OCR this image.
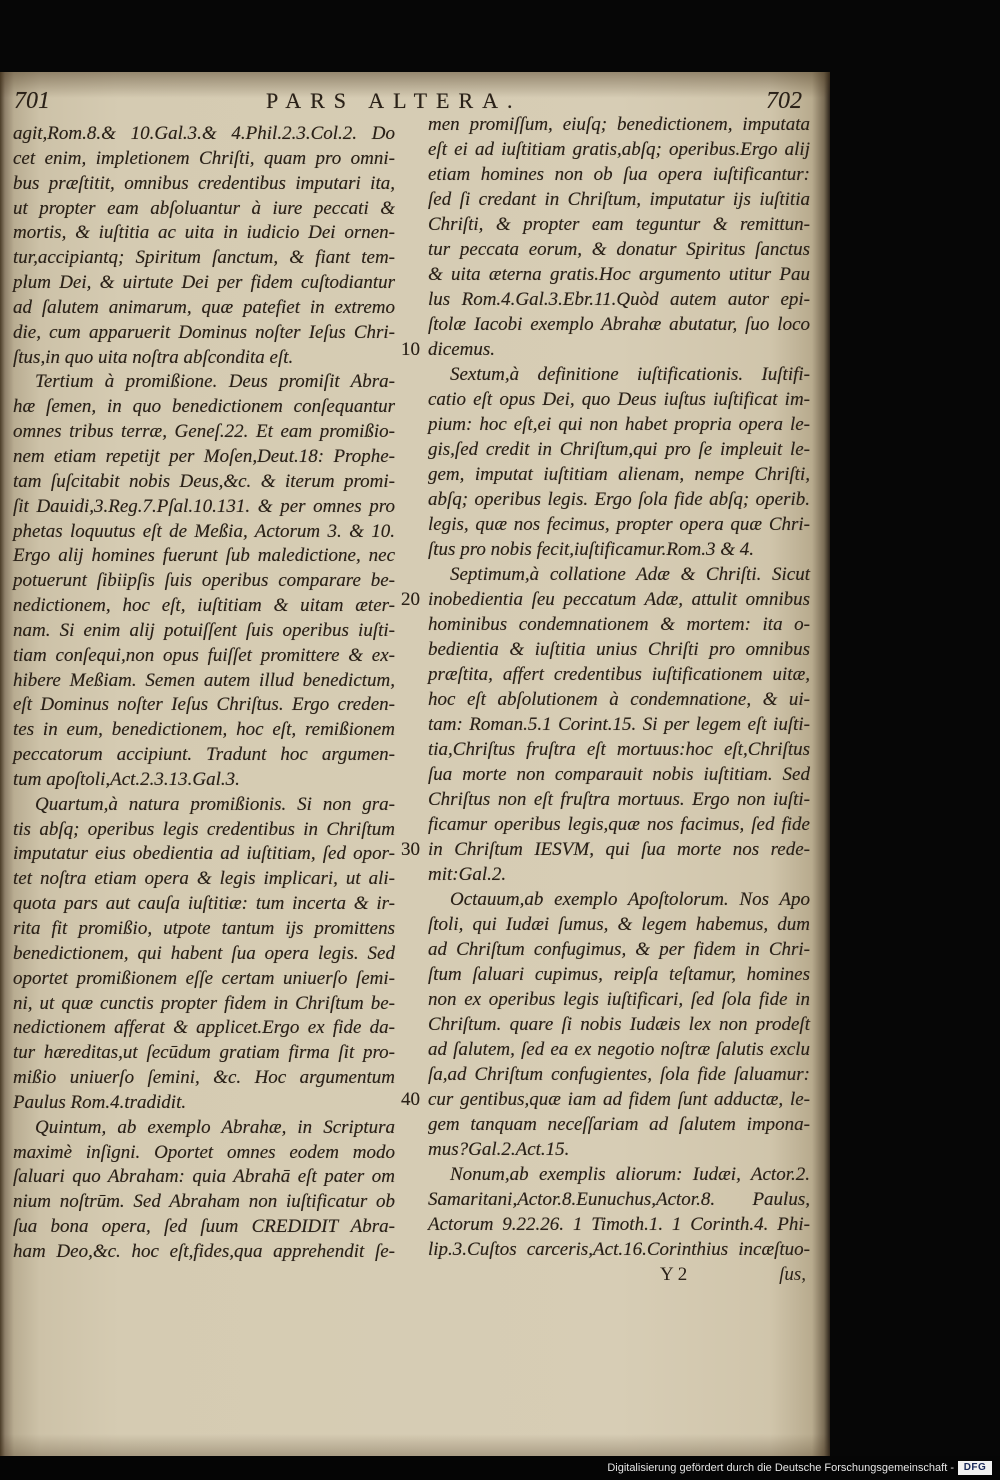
701	PARS ALTERA.	702
agit,Rom.8.& 10.Gal.3.& 4.Phil.2.3.Col.2. Do
cet enim, impletionem Chriſti, quam pro omni-
bus præſtitit, omnibus credentibus imputari ita,
ut propter eam abſoluantur à iure peccati &
mortis, & iuſtitia ac uita in iudicio Dei ornen-
tur,accipiantq; Spiritum ſanctum, & fiant tem-
plum Dei, & uirtute Dei per fidem cuſtodiantur
ad ſalutem animarum, quæ patefiet in extremo
die, cum apparuerit Dominus noſter Ieſus Chri-
ſtus,in quo uita noſtra abſcondita eſt.
Tertium à promißione. Deus promiſit Abra-
hæ ſemen, in quo benedictionem conſequantur
omnes tribus terræ, Geneſ.22. Et eam promißio-
nem etiam repetijt per Moſen,Deut.18: Prophe-
tam ſuſcitabit nobis Deus,&c. & iterum promi-
ſit Dauidi,3.Reg.7.Pſal.10.131. & per omnes pro
phetas loquutus eſt de Meßia, Actorum 3. & 10.
Ergo alij homines fuerunt ſub maledictione, nec
potuerunt ſibiipſis ſuis operibus comparare be-
nedictionem, hoc eſt, iuſtitiam & uitam æter-
nam. Si enim alij potuiſſent ſuis operibus iuſti-
tiam conſequi,non opus fuiſſet promittere & ex-
hibere Meßiam. Semen autem illud benedictum,
eſt Dominus noſter Ieſus Chriſtus. Ergo creden-
tes in eum, benedictionem, hoc eſt, remißionem
peccatorum accipiunt. Tradunt hoc argumen-
tum apoſtoli,Act.2.3.13.Gal.3.
Quartum,à natura promißionis. Si non gra-
tis abſq; operibus legis credentibus in Chriſtum
imputatur eius obedientia ad iuſtitiam, ſed opor-
tet noſtra etiam opera & legis implicari, ut ali-
quota pars aut cauſa iuſtitiæ: tum incerta & ir-
rita fit promißio, utpote tantum ijs promittens
benedictionem, qui habent ſua opera legis. Sed
oportet promißionem eſſe certam uniuerſo ſemi-
ni, ut quæ cunctis propter fidem in Chriſtum be-
nedictionem afferat & applicet.Ergo ex fide da-
tur hæreditas,ut ſecūdum gratiam firma ſit pro-
mißio uniuerſo ſemini, &c. Hoc argumentum
Paulus Rom.4.tradidit.
Quintum, ab exemplo Abrahæ, in Scriptura
maximè inſigni. Oportet omnes eodem modo
ſaluari quo Abraham: quia Abrahā eſt pater om
nium noſtrūm. Sed Abraham non iuſtificatur ob
ſua bona opera, ſed ſuum CREDIDIT Abra-
ham Deo,&c. hoc eſt,fides,qua apprehendit ſe-
men promiſſum, eiuſq; benedictionem, imputata
eſt ei ad iuſtitiam gratis,abſq; operibus.Ergo alij
etiam homines non ob ſua opera iuſtificantur:
ſed ſi credant in Chriſtum, imputatur ijs iuſtitia
Chriſti, & propter eam teguntur & remittun-
tur peccata eorum, & donatur Spiritus ſanctus
& uita æterna gratis.Hoc argumento utitur Pau
lus Rom.4.Gal.3.Ebr.11.Quòd autem autor epi-
ſtolæ Iacobi exemplo Abrahæ abutatur, ſuo loco
dicemus.
Sextum,à definitione iuſtificationis. Iuſtifi-
catio eſt opus Dei, quo Deus iuſtus iuſtificat im-
pium: hoc eſt,ei qui non habet propria opera le-
gis,ſed credit in Chriſtum,qui pro ſe impleuit le-
gem, imputat iuſtitiam alienam, nempe Chriſti,
abſq; operibus legis. Ergo ſola fide abſq; operib.
legis, quæ nos fecimus, propter opera quæ Chri-
ſtus pro nobis fecit,iuſtificamur.Rom.3 & 4.
Septimum,à collatione Adæ & Chriſti. Sicut
inobedientia ſeu peccatum Adæ, attulit omnibus
hominibus condemnationem & mortem: ita o-
bedientia & iuſtitia unius Chriſti pro omnibus
præſtita, affert credentibus iuſtificationem uitæ,
hoc eſt abſolutionem à condemnatione, & ui-
tam: Roman.5.1 Corint.15. Si per legem eſt iuſti-
tia,Chriſtus fruſtra eſt mortuus:hoc eſt,Chriſtus
ſua morte non comparauit nobis iuſtitiam. Sed
Chriſtus non eſt fruſtra mortuus. Ergo non iuſti-
ficamur operibus legis,quæ nos facimus, ſed fide
in Chriſtum IESVM, qui ſua morte nos rede-
mit:Gal.2.
Octauum,ab exemplo Apoſtolorum. Nos Apo
ſtoli, qui Iudæi ſumus, & legem habemus, dum
ad Chriſtum confugimus, & per fidem in Chri-
ſtum ſaluari cupimus, reipſa teſtamur, homines
non ex operibus legis iuſtificari, ſed ſola fide in
Chriſtum. quare ſi nobis Iudæis lex non prodeſt
ad ſalutem, ſed ea ex negotio noſtræ ſalutis exclu
ſa,ad Chriſtum confugientes, ſola fide ſaluamur:
cur gentibus,quæ iam ad fidem ſunt adductæ, le-
gem tanquam neceſſariam ad ſalutem impona-
mus?Gal.2.Act.15.
Nonum,ab exemplis aliorum: Iudæi, Actor.2.
Samaritani,Actor.8.Eunuchus,Actor.8. Paulus,
Actorum 9.22.26. 1 Timoth.1. 1 Corinth.4. Phi-
lip.3.Cuſtos carceris,Act.16.Corinthius incæſtuo-
10
20
30
40
Y 2	ſus,
Digitalisierung gefördert durch die Deutsche Forschungsgemeinschaft - DFG
